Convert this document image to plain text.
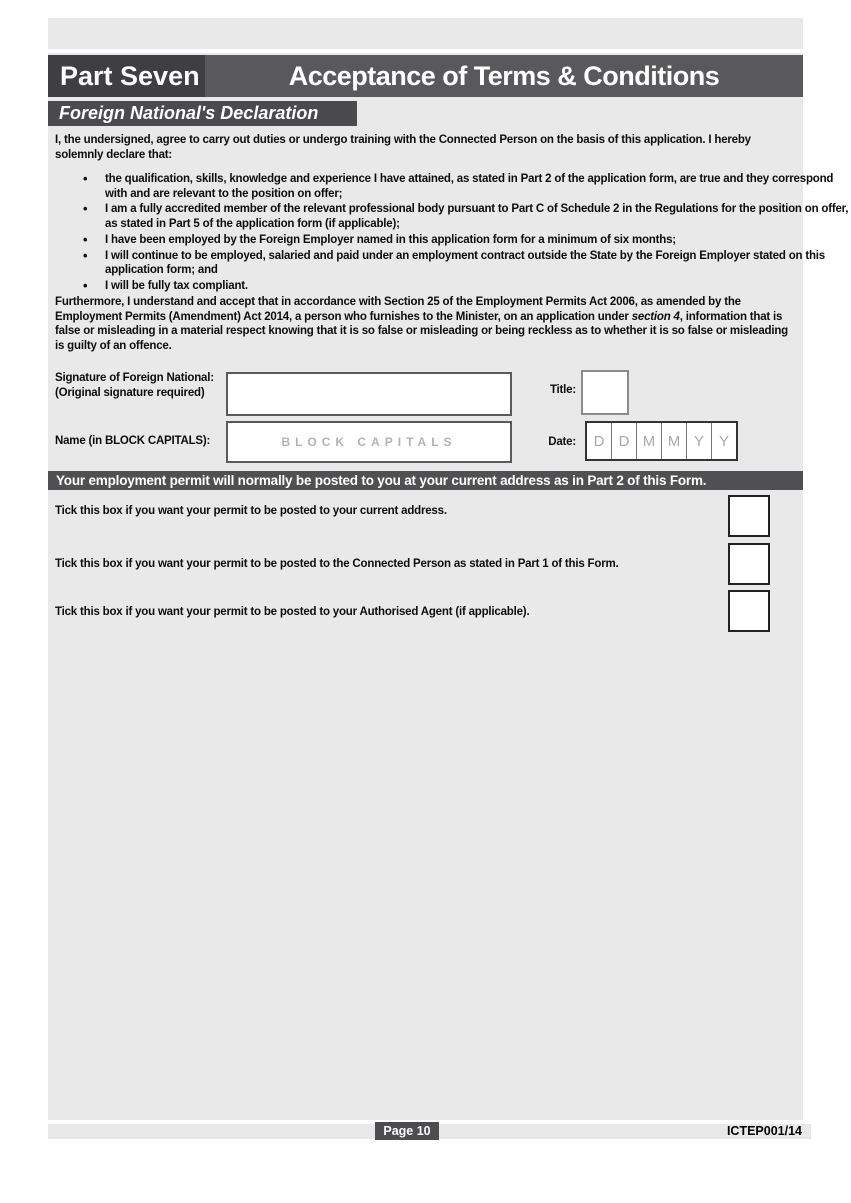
Part Seven	Acceptance of Terms & Conditions
Foreign National's Declaration

I, the undersigned, agree to carry out duties or undergo training with the Connected Person on the basis of this application. I hereby solemnly declare that:

• the qualification, skills, knowledge and experience I have attained, as stated in Part 2 of the application form, are true and they correspond with and are relevant to the position on offer;
• I am a fully accredited member of the relevant professional body pursuant to Part C of Schedule 2 in the Regulations for the position on offer, as stated in Part 5 of the application form (if applicable);
• I have been employed by the Foreign Employer named in this application form for a minimum of six months;
• I will continue to be employed, salaried and paid under an employment contract outside the State by the Foreign Employer stated on this application form; and
• I will be fully tax compliant.

Furthermore, I understand and accept that in accordance with Section 25 of the Employment Permits Act 2006, as amended by the Employment Permits (Amendment) Act 2014, a person who furnishes to the Minister, on an application under section 4, information that is false or misleading in a material respect knowing that it is so false or misleading or being reckless as to whether it is so false or misleading is guilty of an offence.

Signature of Foreign National:
(Original signature required)	Title:
Name (in BLOCK CAPITALS):	BLOCK CAPITALS	Date:	D D M M Y Y
Your employment permit will normally be posted to you at your current address as in Part 2 of this Form.
Tick this box if you want your permit to be posted to your current address.
Tick this box if you want your permit to be posted to the Connected Person as stated in Part 1 of this Form.
Tick this box if you want your permit to be posted to your Authorised Agent (if applicable).
Page 10	ICTEP001/14
